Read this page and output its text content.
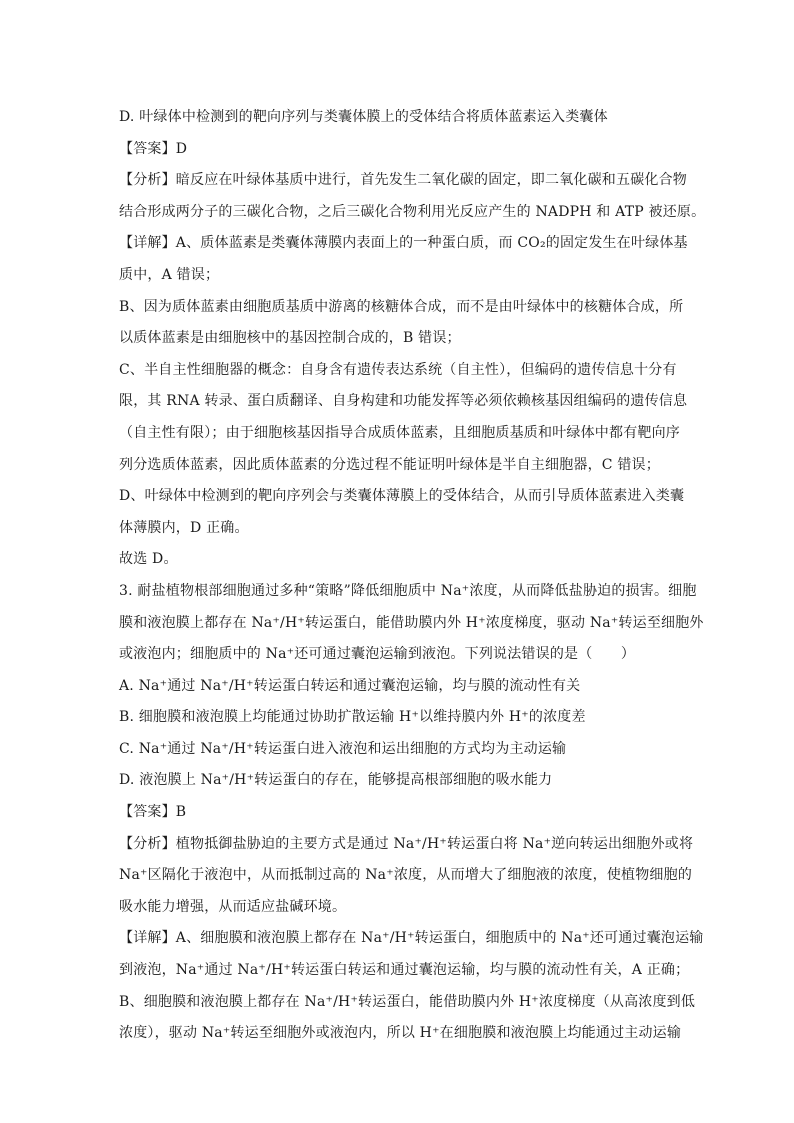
D. 叶绿体中检测到的靶向序列与类囊体膜上的受体结合将质体蓝素运入类囊体
【答案】D
【分析】暗反应在叶绿体基质中进行，首先发生二氧化碳的固定，即二氧化碳和五碳化合物
结合形成两分子的三碳化合物，之后三碳化合物利用光反应产生的 NADPH 和 ATP 被还原。
【详解】A、质体蓝素是类囊体薄膜内表面上的一种蛋白质，而 CO₂的固定发生在叶绿体基
质中，A 错误；
B、因为质体蓝素由细胞质基质中游离的核糖体合成，而不是由叶绿体中的核糖体合成，所
以质体蓝素是由细胞核中的基因控制合成的，B 错误；
C、半自主性细胞器的概念：自身含有遗传表达系统（自主性），但编码的遗传信息十分有
限，其 RNA 转录、蛋白质翻译、自身构建和功能发挥等必须依赖核基因组编码的遗传信息
（自主性有限）；由于细胞核基因指导合成质体蓝素，且细胞质基质和叶绿体中都有靶向序
列分选质体蓝素，因此质体蓝素的分选过程不能证明叶绿体是半自主细胞器，C 错误；
D、叶绿体中检测到的靶向序列会与类囊体薄膜上的受体结合，从而引导质体蓝素进入类囊
体薄膜内，D 正确。
故选 D。
3. 耐盐植物根部细胞通过多种“策略”降低细胞质中 Na⁺浓度，从而降低盐胁迫的损害。细胞
膜和液泡膜上都存在 Na⁺/H⁺转运蛋白，能借助膜内外 H⁺浓度梯度，驱动 Na⁺转运至细胞外
或液泡内；细胞质中的 Na⁺还可通过囊泡运输到液泡。下列说法错误的是（　　）
A. Na⁺通过 Na⁺/H⁺转运蛋白转运和通过囊泡运输，均与膜的流动性有关
B. 细胞膜和液泡膜上均能通过协助扩散运输 H⁺以维持膜内外 H⁺的浓度差
C. Na⁺通过 Na⁺/H⁺转运蛋白进入液泡和运出细胞的方式均为主动运输
D. 液泡膜上 Na⁺/H⁺转运蛋白的存在，能够提高根部细胞的吸水能力
【答案】B
【分析】植物抵御盐胁迫的主要方式是通过 Na⁺/H⁺转运蛋白将 Na⁺逆向转运出细胞外或将
Na⁺区隔化于液泡中，从而抵制过高的 Na⁺浓度，从而增大了细胞液的浓度，使植物细胞的
吸水能力增强，从而适应盐碱环境。
【详解】A、细胞膜和液泡膜上都存在 Na⁺/H⁺转运蛋白，细胞质中的 Na⁺还可通过囊泡运输
到液泡，Na⁺通过 Na⁺/H⁺转运蛋白转运和通过囊泡运输，均与膜的流动性有关，A 正确；
B、细胞膜和液泡膜上都存在 Na⁺/H⁺转运蛋白，能借助膜内外 H⁺浓度梯度（从高浓度到低
浓度），驱动 Na⁺转运至细胞外或液泡内，所以 H⁺在细胞膜和液泡膜上均能通过主动运输
